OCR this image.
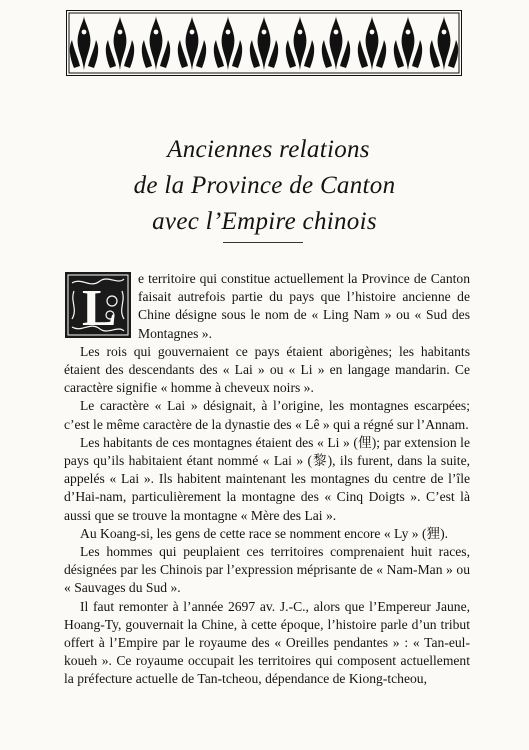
Anciennes relations
de la Province de Canton
avec l’Empire chinois

e territoire qui constitue actuellement la Province de Canton faisait autrefois partie du pays que l’histoire ancienne de Chine désigne sous le nom de « Ling Nam » ou « Sud des Montagnes ».

Les rois qui gouvernaient ce pays étaient aborigènes; les habitants étaient des descendants des « Lai » ou « Li » en langage mandarin. Ce caractère signifie « homme à cheveux noirs ».

Le caractère « Lai » désignait, à l’origine, les montagnes escarpées; c’est le même caractère de la dynastie des « Lê » qui a régné sur l’Annam.

Les habitants de ces montagnes étaient des « Li » (俚); par extension le pays qu’ils habitaient étant nommé « Lai » (黎), ils furent, dans la suite, appelés « Lai ». Ils habitent maintenant les montagnes du centre de l’île d’Hai-nam, particulièrement la montagne des « Cinq Doigts ». C’est là aussi que se trouve la montagne « Mère des Lai ».

Au Koang-si, les gens de cette race se nomment encore « Ly » (狸).

Les hommes qui peuplaient ces territoires comprenaient huit races, désignées par les Chinois par l’expression méprisante de « Nam-Man » ou « Sauvages du Sud ».

Il faut remonter à l’année 2697 av. J.-C., alors que l’Empereur Jaune, Hoang-Ty, gouvernait la Chine, à cette époque, l’histoire parle d’un tribut offert à l’Empire par le royaume des « Oreilles pendantes » : « Tan-eul-koueh ». Ce royaume occupait les territoires qui composent actuellement la préfecture actuelle de Tan-tcheou, dépendance de Kiong-tcheou,

L
